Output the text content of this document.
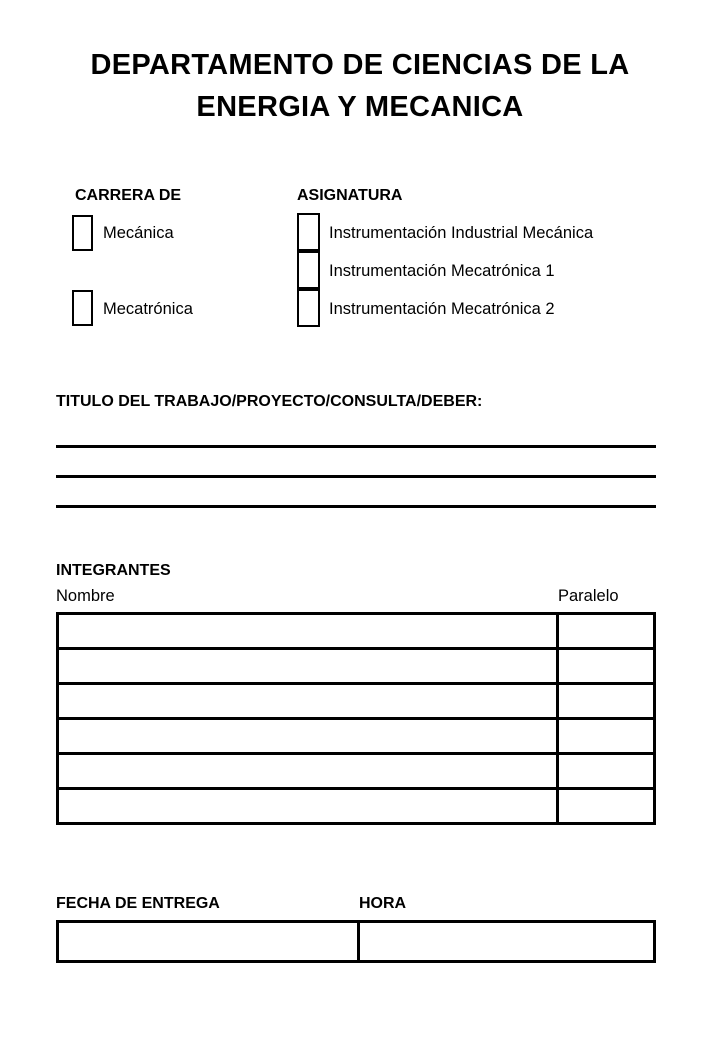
DEPARTAMENTO DE CIENCIAS DE LA
ENERGIA Y MECANICA
CARRERA DE
Mecánica
Mecatrónica
ASIGNATURA
Instrumentación Industrial Mecánica
Instrumentación Mecatrónica 1
Instrumentación Mecatrónica 2
TITULO DEL TRABAJO/PROYECTO/CONSULTA/DEBER:
INTEGRANTES
Nombre	Paralelo

FECHA DE ENTREGA	HORA
